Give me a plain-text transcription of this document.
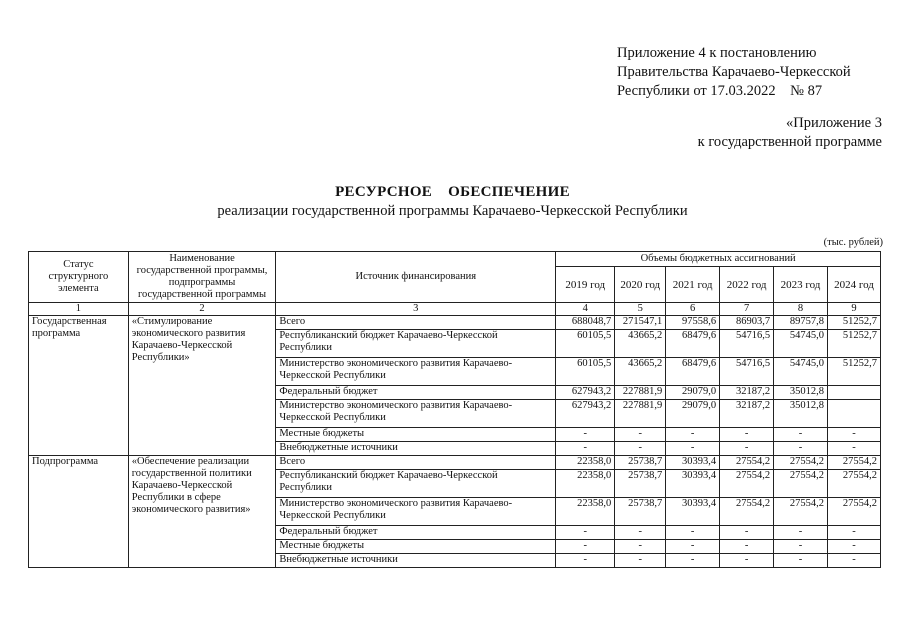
Приложение 4 к постановлению
Правительства Карачаево-Черкесской
Республики от 17.03.2022    № 87
«Приложение 3
к государственной программе
РЕСУРСНОЕ ОБЕСПЕЧЕНИЕ
реализации государственной программы Карачаево-Черкесской Республики
(тыс. рублей)
Статус структурного элемента	Наименование государственной программы, подпрограммы государственной программы	Источник финансирования	Объемы бюджетных ассигнований					
			2019 год	2020 год	2021 год	2022 год	2023 год	2024 год
1	2	3	4	5	6	7	8	9
Государственная программа	«Стимулирование экономического развития Карачаево-Черкесской Республики»	Всего	688048,7	271547,1	97558,6	86903,7	89757,8	51252,7
		Республиканский бюджет Карачаево-Черкесской Республики	60105,5	43665,2	68479,6	54716,5	54745,0	51252,7
		Министерство экономического развития Карачаево-Черкесской Республики	60105,5	43665,2	68479,6	54716,5	54745,0	51252,7
		Федеральный бюджет	627943,2	227881,9	29079,0	32187,2	35012,8	
		Министерство экономического развития Карачаево-Черкесской Республики	627943,2	227881,9	29079,0	32187,2	35012,8	
		Местные бюджеты	-	-	-	-	-	-
		Внебюджетные источники	-	-	-	-	-	-
Подпрограмма	«Обеспечение реализации государственной политики Карачаево-Черкесской Республики в сфере экономического развития»	Всего	22358,0	25738,7	30393,4	27554,2	27554,2	27554,2
		Республиканский бюджет Карачаево-Черкесской Республики	22358,0	25738,7	30393,4	27554,2	27554,2	27554,2
		Министерство экономического развития Карачаево-Черкесской Республики	22358,0	25738,7	30393,4	27554,2	27554,2	27554,2
		Федеральный бюджет	-	-	-	-	-	-
		Местные бюджеты	-	-	-	-	-	-
		Внебюджетные источники	-	-	-	-	-	-
